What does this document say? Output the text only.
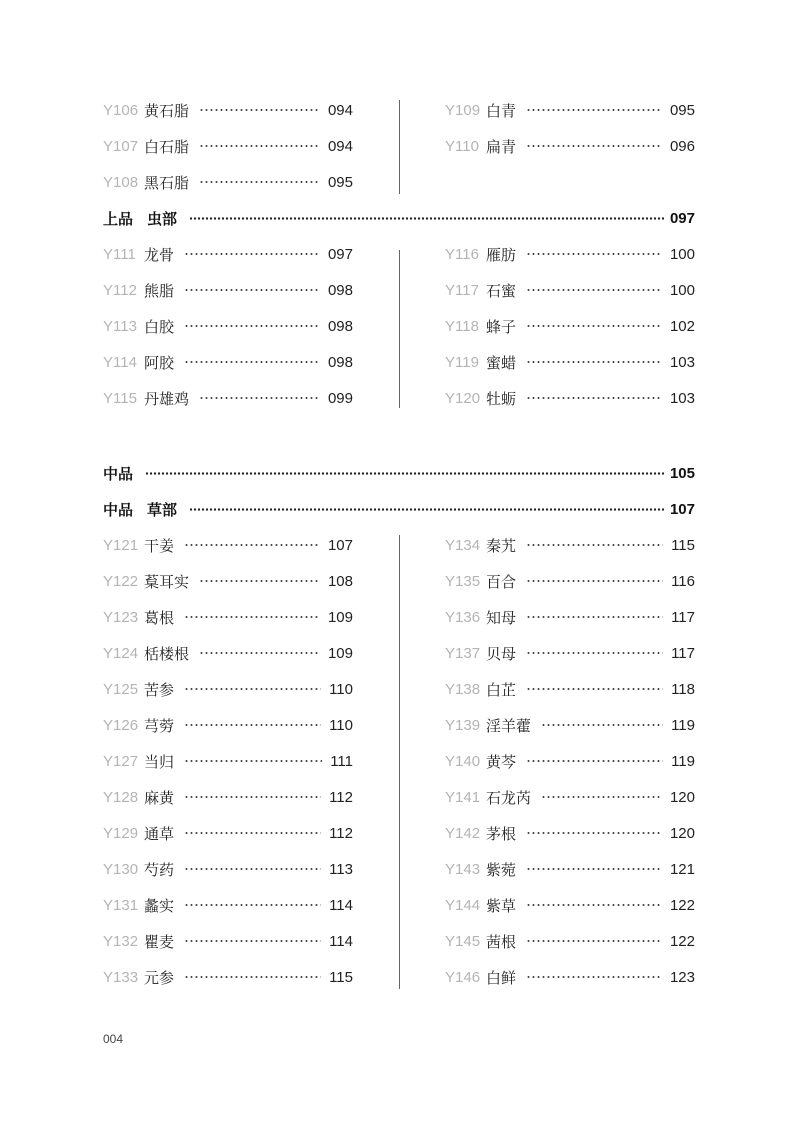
Y106 黄石脂	094
Y107 白石脂	094
Y108 黑石脂	095
Y109 白青	095
Y110 扁青	096
上品 虫部	097
Y111 龙骨	097
Y112 熊脂	098
Y113 白胶	098
Y114 阿胶	098
Y115 丹雄鸡	099
Y116 雁肪	100
Y117 石蜜	100
Y118 蜂子	102
Y119 蜜蜡	103
Y120 牡蛎	103
中品	105
中品 草部	107
Y121 干姜	107
Y122 葈耳实	108
Y123 葛根	109
Y124 栝楼根	109
Y125 苦参	110
Y126 芎䓖	110
Y127 当归	111
Y128 麻黄	112
Y129 通草	112
Y130 芍药	113
Y131 蠡实	114
Y132 瞿麦	114
Y133 元参	115
Y134 秦艽	115
Y135 百合	116
Y136 知母	117
Y137 贝母	117
Y138 白芷	118
Y139 淫羊藿	119
Y140 黄芩	119
Y141 石龙芮	120
Y142 茅根	120
Y143 紫菀	121
Y144 紫草	122
Y145 茜根	122
Y146 白鲜	123
004
